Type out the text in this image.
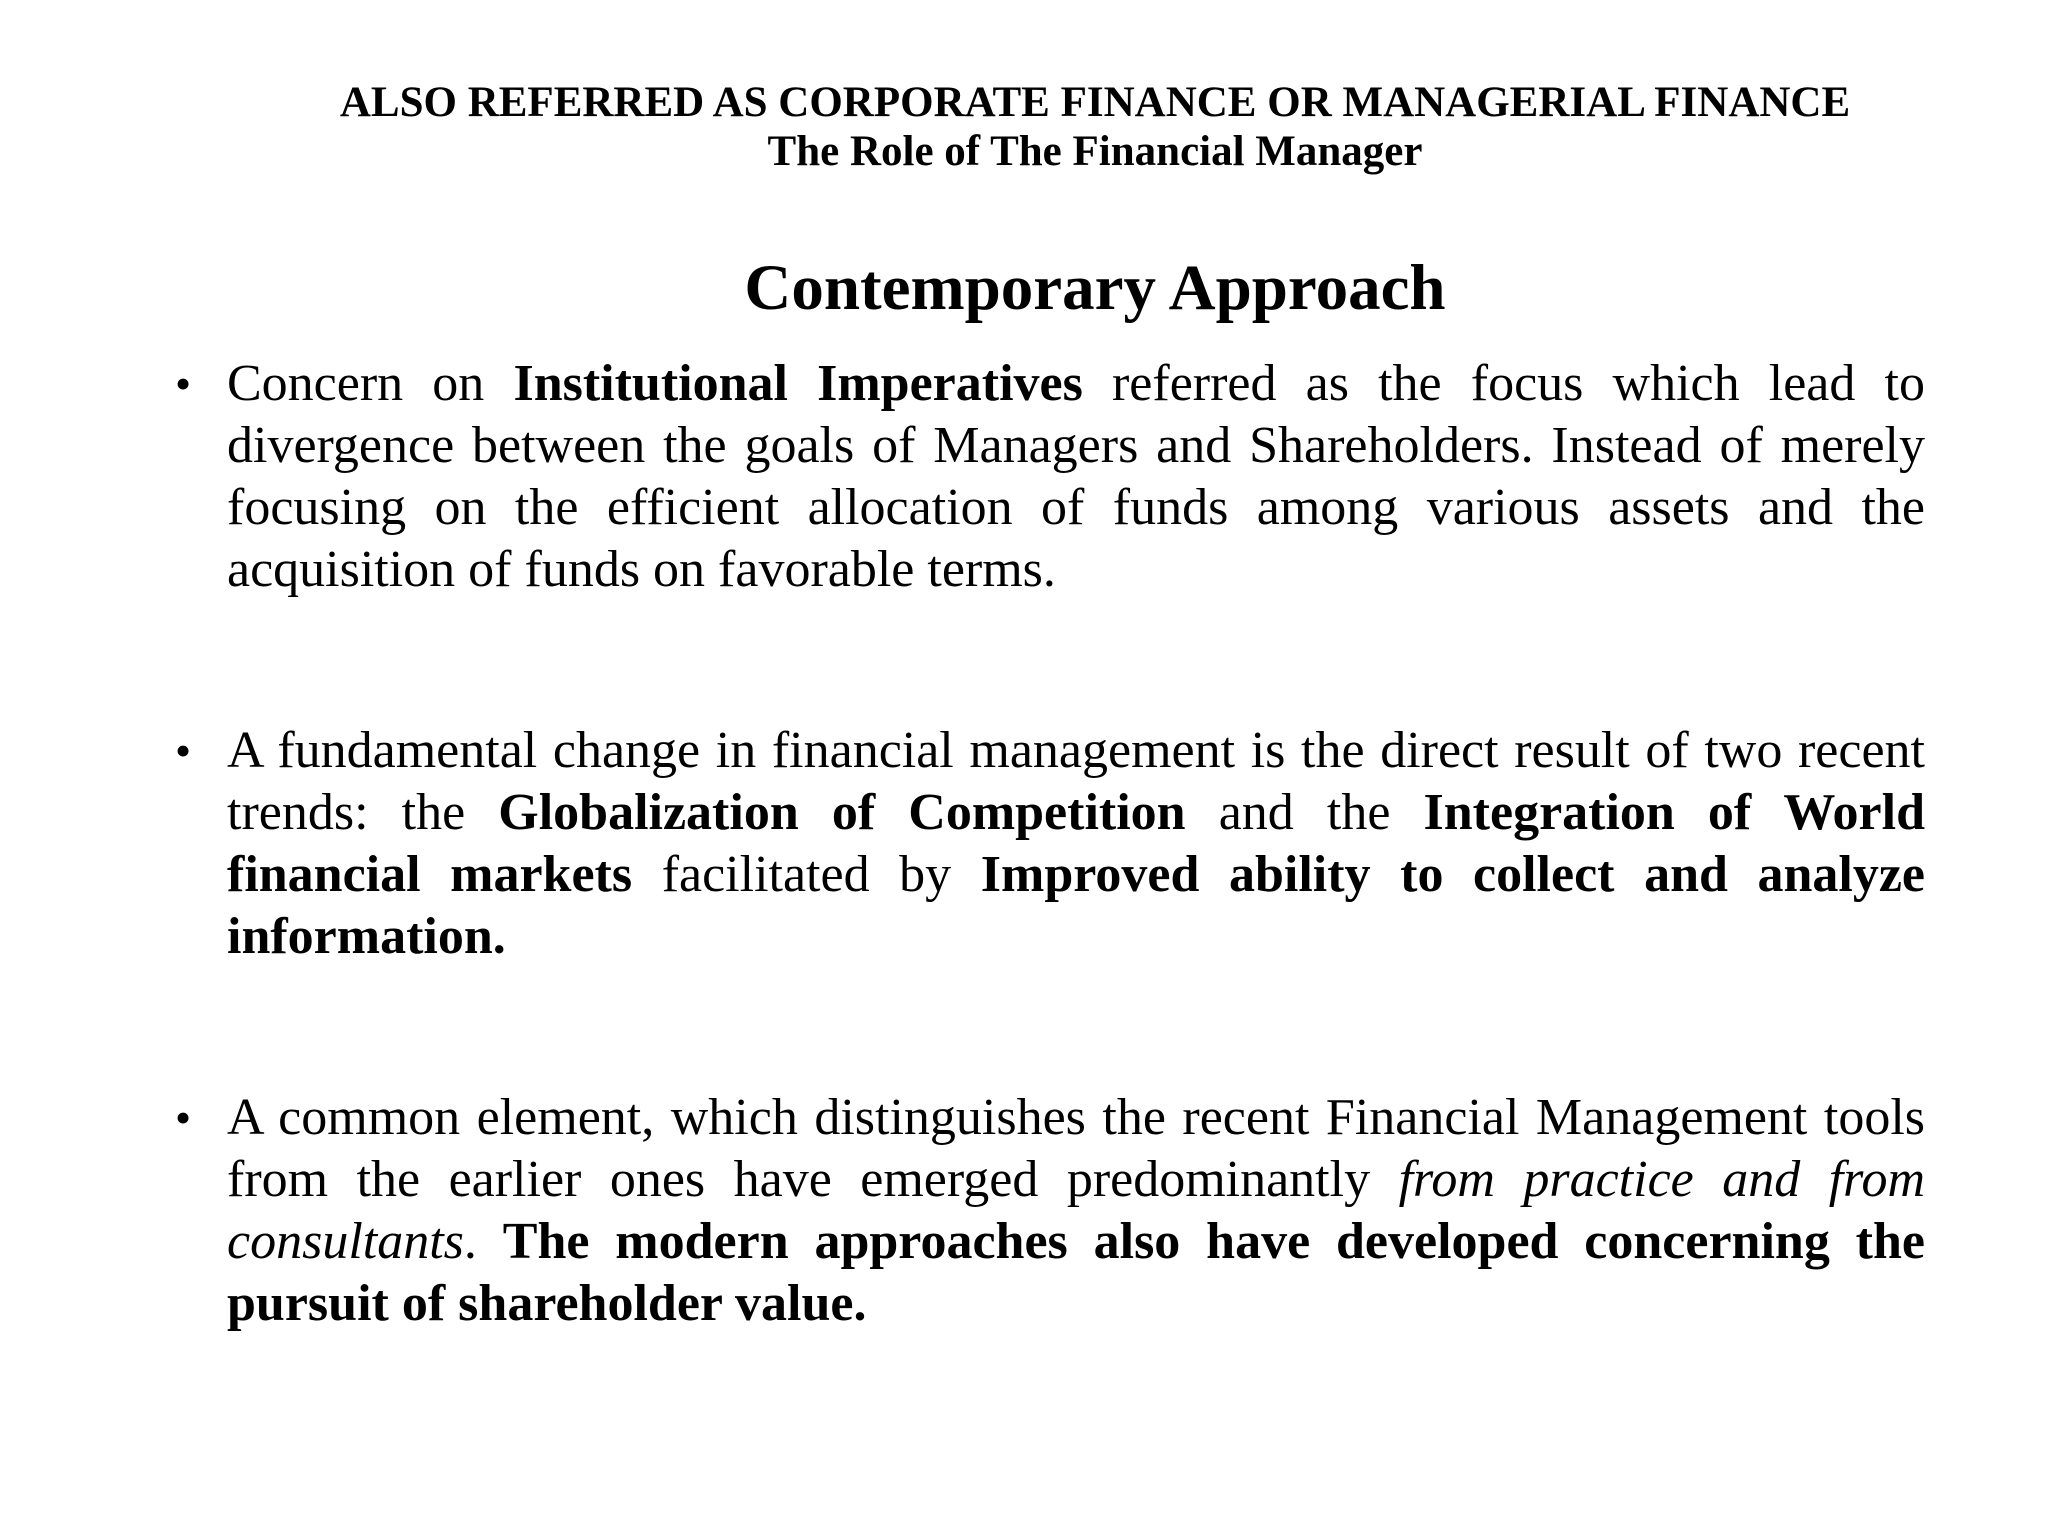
ALSO REFERRED AS CORPORATE FINANCE OR MANAGERIAL FINANCE
The Role of The Financial Manager
Contemporary Approach
• Concern on Institutional Imperatives referred as the focus which lead to divergence between the goals of Managers and Shareholders. Instead of merely focusing on the efficient allocation of funds among various assets and the acquisition of funds on favorable terms.
• A fundamental change in financial management is the direct result of two recent trends: the Globalization of Competition and the Integration of World financial markets facilitated by Improved ability to collect and analyze information.
• A common element, which distinguishes the recent Financial Management tools from the earlier ones have emerged predominantly from practice and from consultants. The modern approaches also have developed concerning the pursuit of shareholder value.
